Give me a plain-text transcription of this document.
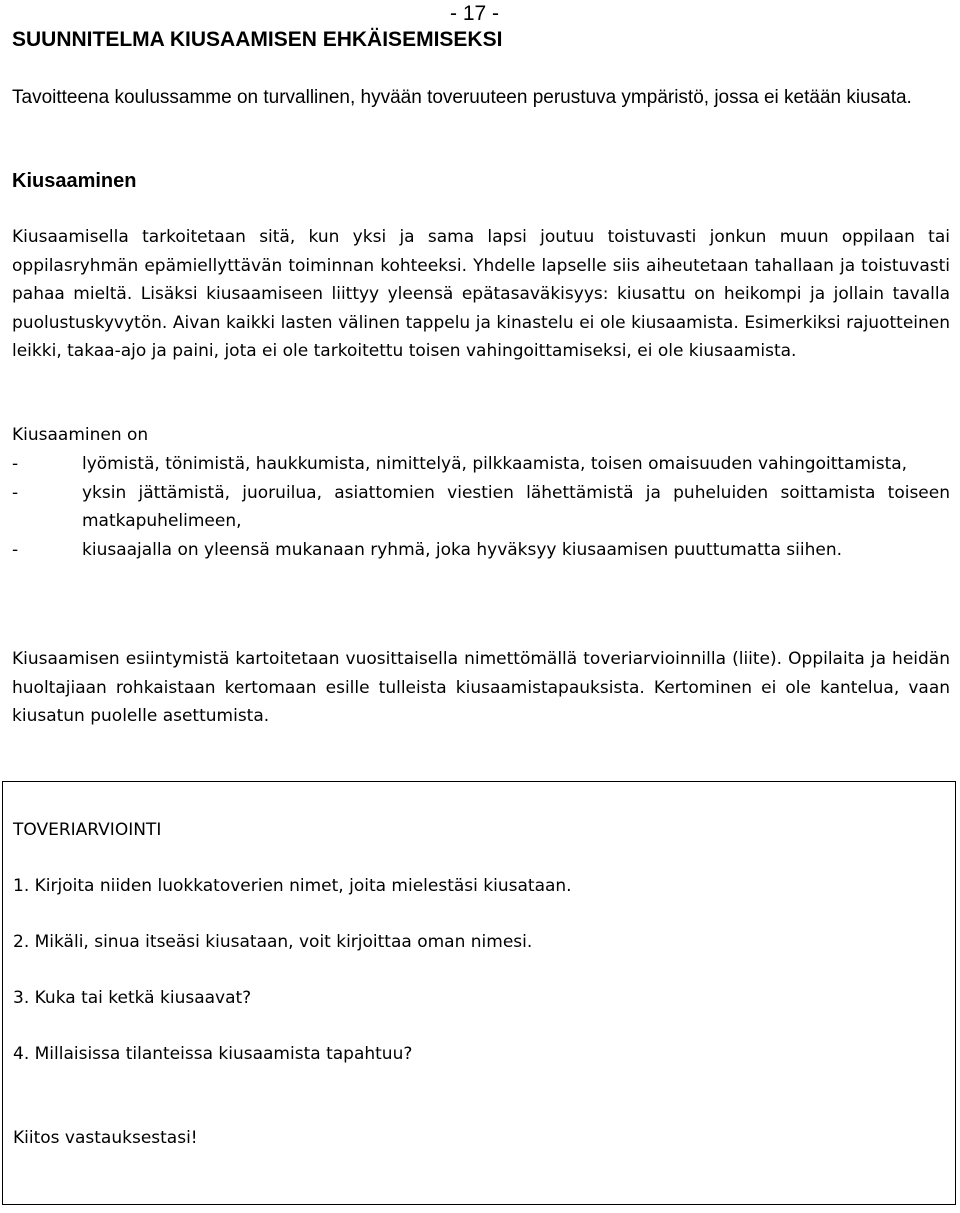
- 17 -
SUUNNITELMA KIUSAAMISEN EHKÄISEMISEKSI

Tavoitteena koulussamme on turvallinen, hyvään toveruuteen perustuva ympäristö, jossa ei ketään kiusata.

Kiusaaminen

Kiusaamisella tarkoitetaan sitä, kun yksi ja sama lapsi joutuu toistuvasti jonkun muun oppilaan tai oppilasryhmän epämiellyttävän toiminnan kohteeksi. Yhdelle lapselle siis aiheutetaan tahallaan ja toistuvasti pahaa mieltä. Lisäksi kiusaamiseen liittyy yleensä epätasaväkisyys: kiusattu on heikompi ja jollain tavalla puolustuskyvytön. Aivan kaikki lasten välinen tappelu ja kinastelu ei ole kiusaamista. Esimerkiksi rajuotteinen leikki, takaa-ajo ja paini, jota ei ole tarkoitettu toisen vahingoittamiseksi, ei ole kiusaamista.

Kiusaaminen on

-	lyömistä, tönimistä, haukkumista, nimittelyä, pilkkaamista, toisen omaisuuden vahingoittamista,
-	yksin jättämistä, juoruilua, asiattomien viestien lähettämistä ja puheluiden soittamista toiseen matkapuhelimeen,
-	kiusaajalla on yleensä mukanaan ryhmä, joka hyväksyy kiusaamisen puuttumatta siihen.

Kiusaamisen esiintymistä kartoitetaan vuosittaisella nimettömällä toveriarvioinnilla (liite). Oppilaita ja heidän huoltajiaan rohkaistaan kertomaan esille tulleista kiusaamistapauksista. Kertominen ei ole kantelua, vaan kiusatun puolelle asettumista.

TOVERIARVIOINTI

1. Kirjoita niiden luokkatoverien nimet, joita mielestäsi kiusataan.

2. Mikäli, sinua itseäsi kiusataan, voit kirjoittaa oman nimesi.

3. Kuka tai ketkä kiusaavat?

4. Millaisissa tilanteissa kiusaamista tapahtuu?

Kiitos vastauksestasi!
